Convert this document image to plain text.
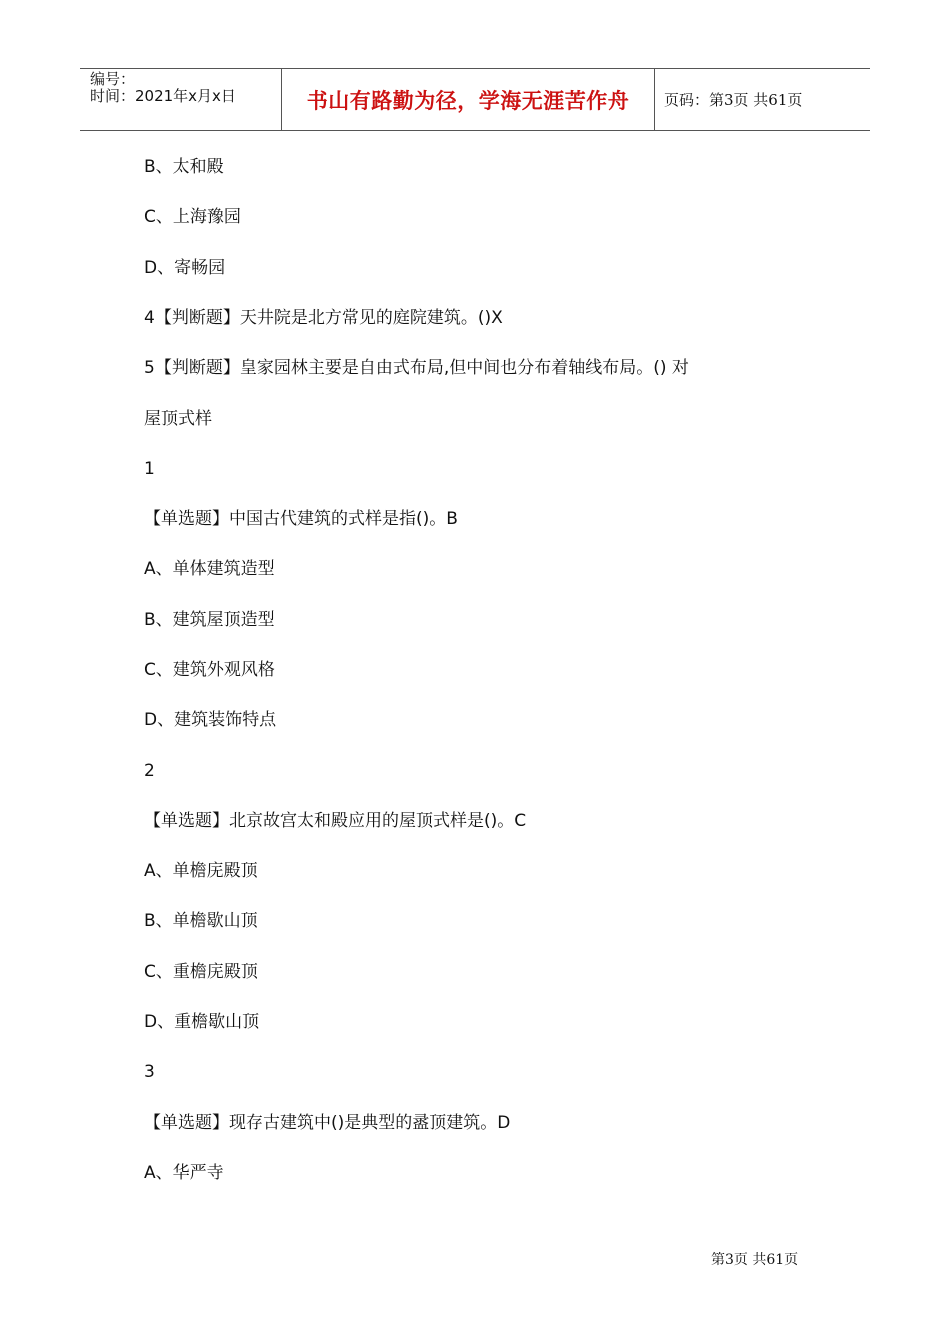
编号：
时间：2021年x月x日	书山有路勤为径，学海无涯苦作舟	页码：第3页 共61页
B、太和殿
C、上海豫园
D、寄畅园
4【判断题】天井院是北方常见的庭院建筑。()X
5【判断题】皇家园林主要是自由式布局,但中间也分布着轴线布局。() 对
屋顶式样
1
【单选题】中国古代建筑的式样是指()。B
A、单体建筑造型
B、建筑屋顶造型
C、建筑外观风格
D、建筑装饰特点
2
【单选题】北京故宫太和殿应用的屋顶式样是()。C
A、单檐庑殿顶
B、单檐歇山顶
C、重檐庑殿顶
D、重檐歇山顶
3
【单选题】现存古建筑中()是典型的盝顶建筑。D
A、华严寺
第3页 共61页
